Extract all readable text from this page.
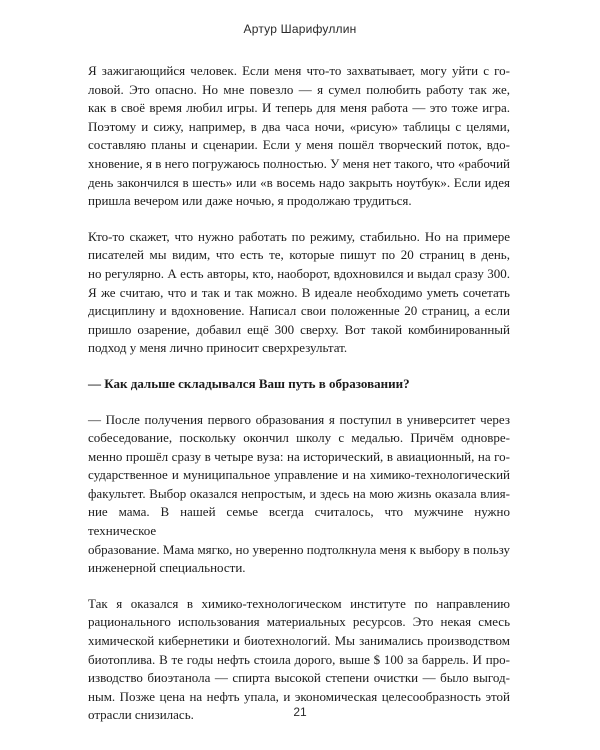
Артур Шарифуллин

Я зажигающийся человек. Если меня что-то захватывает, могу уйти с го-
ловой. Это опасно. Но мне повезло — я сумел полюбить работу так же,
как в своё время любил игры. И теперь для меня работа — это тоже игра.
Поэтому и сижу, например, в два часа ночи, «рисую» таблицы с целями,
составляю планы и сценарии. Если у меня пошёл творческий поток, вдо-
хновение, я в него погружаюсь полностью. У меня нет такого, что «рабочий
день закончился в шесть» или «в восемь надо закрыть ноутбук». Если идея
пришла вечером или даже ночью, я продолжаю трудиться.

Кто-то скажет, что нужно работать по режиму, стабильно. Но на примере
писателей мы видим, что есть те, которые пишут по 20 страниц в день,
но регулярно. А есть авторы, кто, наоборот, вдохновился и выдал сразу 300.
Я же считаю, что и так и так можно. В идеале необходимо уметь сочетать
дисциплину и вдохновение. Написал свои положенные 20 страниц, а если
пришло озарение, добавил ещё 300 сверху. Вот такой комбинированный
подход у меня лично приносит сверхрезультат.

— Как дальше складывался Ваш путь в образовании?

— После получения первого образования я поступил в университет через
собеседование, поскольку окончил школу с медалью. Причём одновре-
менно прошёл сразу в четыре вуза: на исторический, в авиационный, на го-
сударственное и муниципальное управление и на химико-технологический
факультет. Выбор оказался непростым, и здесь на мою жизнь оказала влия-
ние мама. В нашей семье всегда считалось, что мужчине нужно техническое
образование. Мама мягко, но уверенно подтолкнула меня к выбору в пользу
инженерной специальности.

Так я оказался в химико-технологическом институте по направлению
рационального использования материальных ресурсов. Это некая смесь
химической кибернетики и биотехнологий. Мы занимались производством
биотоплива. В те годы нефть стоила дорого, выше $ 100 за баррель. И про-
изводство биоэтанола — спирта высокой степени очистки — было выгод-
ным. Позже цена на нефть упала, и экономическая целесообразность этой
отрасли снизилась.	21
